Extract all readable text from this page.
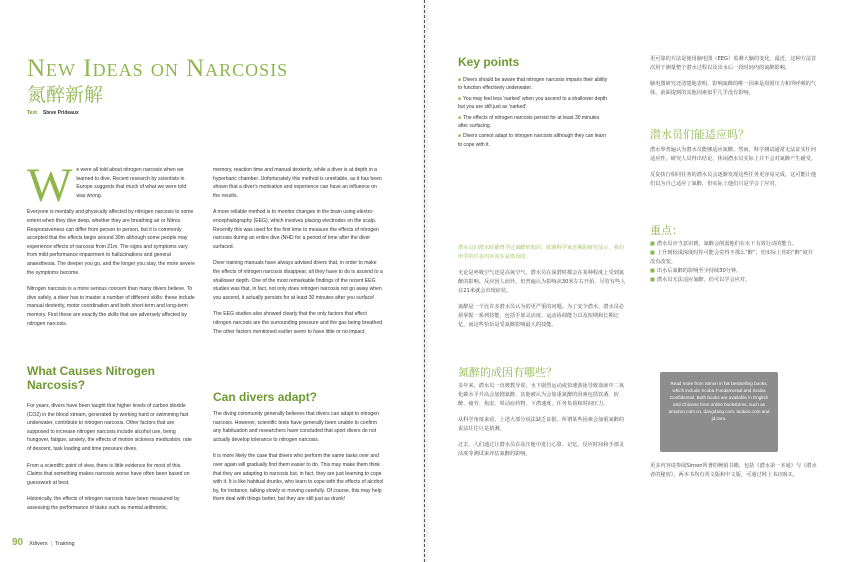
New Ideas on Narcosis
氮醉新解
Text Steve Prideaux

We were all told about nitrogen narcosis when we learned to dive. Recent research by scientists in Europe suggests that much of what we were told was wrong.

Everyone is mentally and physically affected by nitrogen narcosis to some extent when they dive deep, whether they are breathing air or Nitrox. Responsiveness can differ from person to person, but it is commonly accepted that the effects begin around 30m although some people may experience effects of narcosis from 21m. The signs and symptoms vary from mild performance impairment to hallucinations and general anaesthesia. The deeper you go, and the longer you stay, the more severe the symptoms become.

Nitrogen narcosis is a more serious concern than many divers believe. To dive safely, a diver has to master a number of different skills: these include manual dexterity, motor coordination and both short-term and long-term memory. First these are exactly the skills that are adversely affected by nitrogen narcosis.

What Causes Nitrogen Narcosis?

For years, divers have been taught that higher levels of carbon dioxide (CO2) in the blood stream, generated by working hard or swimming fast underwater, contribute to nitrogen narcosis. Other factors that are supposed to increase nitrogen narcosis include alcohol use, being hungover, fatigue, anxiety, the effects of motion sickness medication, rate of descent, task loading and time pressure dives.

From a scientific point of view, there is little evidence for most of this. Claims that something makes narcosis worse have often been based on guesswork at best.

Historically, the effects of nitrogen narcosis have been measured by assessing the performance of tasks such as mental arithmetic,

memory, reaction time and manual dexterity, while a diver is at depth in a hyperbaric chamber. Unfortunately this method is unreliable, as it has been shown that a diver's motivation and experience can have an influence on the results.

A more reliable method is to monitor changes in the brain using electro-encephalography (EEG), which involves placing electrodes on the scalp. Recently this was used for the first time to measure the effects of nitrogen narcosis during an entire dive (NHD for a period of time after the diver surfaced.

Diver training manuals have always advised divers that, in order to make the effects of nitrogen narcosis disappear, all they have to do is ascend to a shallower depth. One of the most remarkable findings of the recent EEG studies was that, in fact, not only does nitrogen narcosis not go away when you ascend, it actually persists for at least 30 minutes after you surface!

The EEG studies also showed clearly that the only factors that effect nitrogen narcosis are the surrounding pressure and the gas being breathed. The other factors mentioned earlier seem to have little or no impact.

Can divers adapt?

The diving community generally believes that divers can adapt to nitrogen narcosis. However, scientific tests have generally been unable to confirm any habituation and researchers have concluded that sport divers do not actually develop tolerance to nitrogen narcosis.

It is more likely the case that divers who perform the same tasks over and over again will gradually find them easier to do. This may make them think that they are adapting to narcosis but, in fact, they are just learning to cope with it. It is like habitual drunks, who learn to cope with the effects of alcohol by, for instance, talking slowly or moving carefully. Of course, this may help them deal with things better, but they are still just as drunk!

90 Xdivers | Training
Key points
■ Divers should be aware that nitrogen narcosis impairs their ability to function effectively underwater.
■ You may feel less 'narked' when you ascend to a shallower depth but you are still just as 'narked'.
■ The effects of nitrogen narcosis persist for at least 30 minutes after surfacing.
■ Divers cannot adapt to nitrogen narcosis although they can learn to cope with it.

潜水员们潜水时都曾学过氮醉的知识。欧洲科学家近期的研究显示，我们所学的许多内容其实是错误的。

无论是呼吸空气还是高氧空气，潜水员在深潜时都会在某种程度上受到氮醉的影响。反应因人而异，但普遍认为影响从30米左右开始，尽管有些人在21米就会出现症状。

氮醉是一个比许多潜水员认为的更严重的问题。为了安全潜水，潜水员必须掌握一系列技能，包括手部灵活度、运动协调能力以及短期和长期记忆，而这些恰恰是受氮醉影响最大的技能。

氮醉的成因有哪些？

多年来，潜水员一直被教导说，水下剧烈运动或快速游泳导致血液中二氧化碳水平升高会加剧氮醉。其他被认为会加重氮醉的因素包括饮酒、宿醉、疲劳、焦虑、晕动症药物、下潜速度、任务负荷和时间压力。

从科学角度来看，上述大部分说法缺乏证据。所谓某些因素会加重氮醉的说法往往只是猜测。

过去，人们通过让潜水员在高压舱中进行心算、记忆、反应时间和手部灵活度等测试来评估氮醉的影响。

更可靠的方法是使用脑电图（EEG）监测大脑的变化。最近，这种方法首次用于测量整个潜水过程以及出水后一段时间内的氮醉影响。

脑电图研究还清楚地表明，影响氮醉的唯一因素是周围压力和所呼吸的气体，前面提到的其他因素似乎几乎没有影响。

潜水员们能适应吗？

潜水界普遍认为潜水员能够适应氮醉。然而，科学测试通常无法证实任何适应性，研究人员得出结论，休闲潜水员实际上并不会对氮醉产生耐受。

反复执行相同任务的潜水员会逐渐发现这些任务更容易完成，这可能让他们以为自己适应了氮醉，但实际上他们只是学会了应对。

重点：
■ 潜水员应当意识到，氮醉会削弱他们在水下有效行动的能力。
■ 上升到较浅深度时你可能会觉得不那么“醉”，但实际上你的“醉”度并没有改变。
■ 出水后氮醉的影响至少持续30分钟。
■ 潜水员无法适应氮醉，但可以学会应对。
Read more from Simon in his bestselling books, which include Scuba Fundamental and Scuba Confidential. Both books are available in English and Chinese from online bookstores, such as amazon.com.cn, dangdang.com, taobao.com and jd.com.

更多内容请参阅Simon所著的畅销书籍，包括《潜水第一本通》与《潜水者的秘密》。两本书均有英文版和中文版，可通过网上书店购买。
